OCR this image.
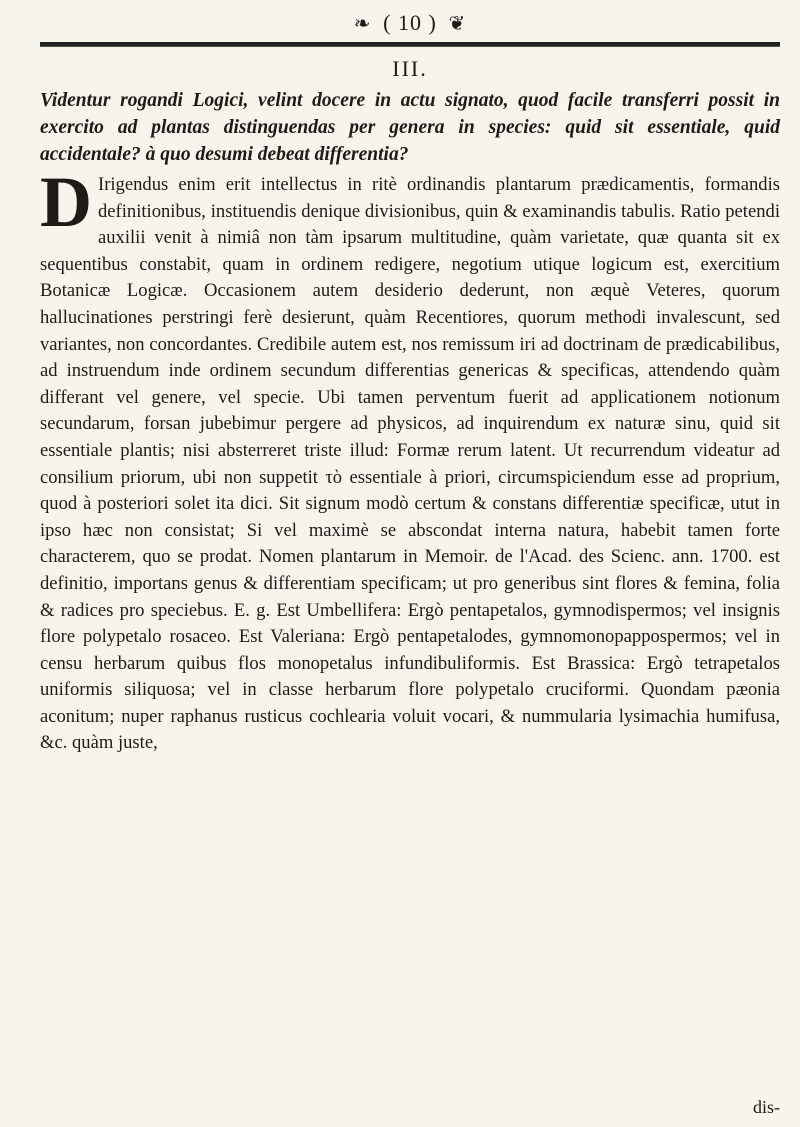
❧ ( 10 ) ❦
III.
Videntur rogandi Logici, velint docere in actu signato, quod facile transferri possit in exercito ad plantas distinguendas per genera in species: quid sit essentiale, quid accidentale? à quo desumi debeat differentia?
D Irigendus enim erit intellectus in ritè ordinandis plantarum prædicamentis, formandis definitionibus, instituendis denique divisionibus, quin & examinandis tabulis. Ratio petendi auxilii venit à nimiâ non tàm ipsarum multitudine, quàm varietate, quæ quanta sit ex sequentibus constabit, quam in ordinem redigere, negotium utique logicum est, exercitium Botanicæ Logicæ. Occasionem autem desiderio dederunt, non æquè Veteres, quorum hallucinationes perstringi ferè desierunt, quàm Recentiores, quorum methodi invalescunt, sed variantes, non concordantes. Credibile autem est, nos remissum iri ad doctrinam de prædicabilibus, ad instruendum inde ordinem secundum differentias genericas & specificas, attendendo quàm differant vel genere, vel specie. Ubi tamen perventum fuerit ad applicationem notionum secundarum, forsan jubebimur pergere ad physicos, ad inquirendum ex naturæ sinu, quid sit essentiale plantis; nisi absterreret triste illud: Formæ rerum latent. Ut recurrendum videatur ad consilium priorum, ubi non suppetit τὸ essentiale à priori, circumspiciendum esse ad proprium, quod à posteriori solet ita dici. Sit signum modò certum & constans differentiæ specificæ, utut in ipso hæc non consistat; Si vel maximè se abscondat interna natura, habebit tamen forte characterem, quo se prodat. Nomen plantarum in Memoir. de l'Acad. des Scienc. ann. 1700. est definitio, importans genus & differentiam specificam; ut pro generibus sint flores & femina, folia & radices pro speciebus. E. g. Est Umbellifera: Ergò pentapetalos, gymnodispermos; vel insignis flore polypetalo rosaceo. Est Valeriana: Ergò pentapetalodes, gymnomonopappospermos; vel in censu herbarum quibus flos monopetalus infundibuliformis. Est Brassica: Ergò tetrapetalos uniformis siliquosa; vel in classe herbarum flore polypetalo cruciformi. Quondam pæonia aconitum; nuper raphanus rusticus cochlearia voluit vocari, & nummularia lysimachia humifusa, &c. quàm juste,
dis-
